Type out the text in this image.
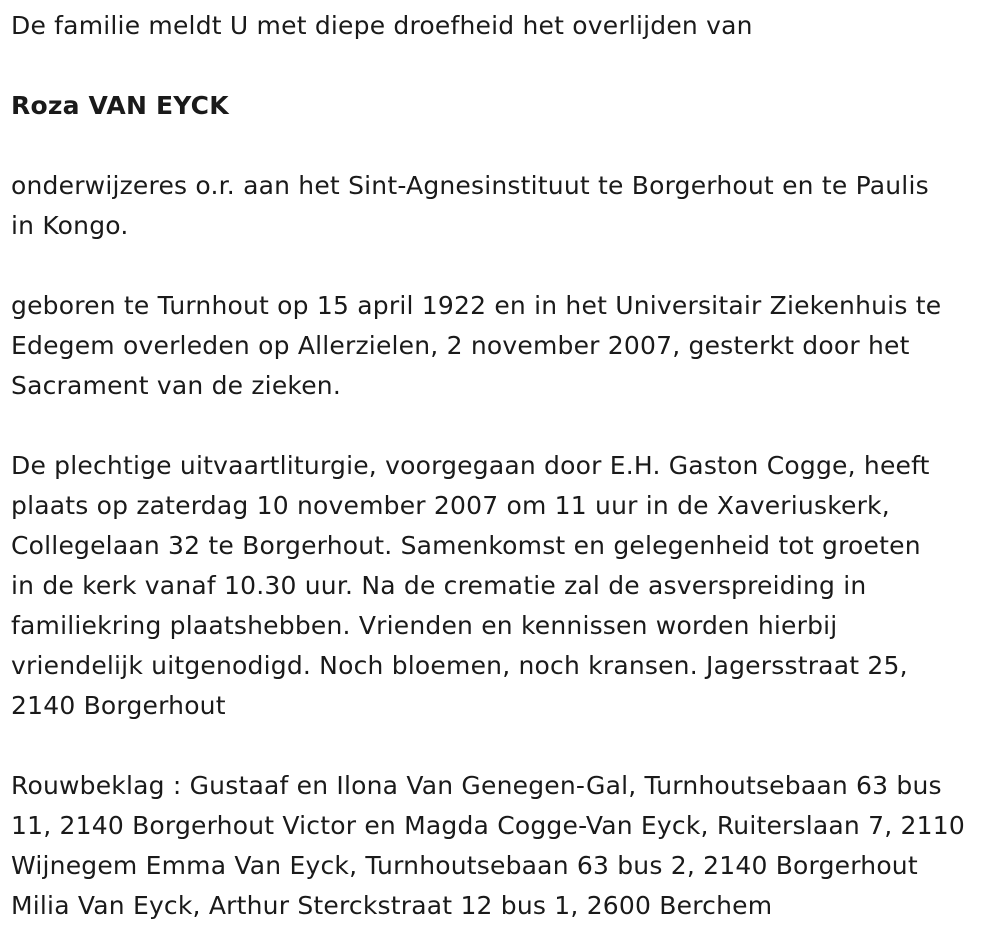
De familie meldt U met diepe droefheid het overlijden van

Roza VAN EYCK

onderwijzeres o.r. aan het Sint-Agnesinstituut te Borgerhout en te Paulis
in Kongo.

geboren te Turnhout op 15 april 1922 en in het Universitair Ziekenhuis te
Edegem overleden op Allerzielen, 2 november 2007, gesterkt door het
Sacrament van de zieken.

De plechtige uitvaartliturgie, voorgegaan door E.H. Gaston Cogge, heeft
plaats op zaterdag 10 november 2007 om 11 uur in de Xaveriuskerk,
Collegelaan 32 te Borgerhout. Samenkomst en gelegenheid tot groeten
in de kerk vanaf 10.30 uur. Na de crematie zal de asverspreiding in
familiekring plaatshebben. Vrienden en kennissen worden hierbij
vriendelijk uitgenodigd. Noch bloemen, noch kransen. Jagersstraat 25,
2140 Borgerhout

Rouwbeklag : Gustaaf en Ilona Van Genegen-Gal, Turnhoutsebaan 63 bus
11, 2140 Borgerhout Victor en Magda Cogge-Van Eyck, Ruiterslaan 7, 2110
Wijnegem Emma Van Eyck, Turnhoutsebaan 63 bus 2, 2140 Borgerhout
Milia Van Eyck, Arthur Sterckstraat 12 bus 1, 2600 Berchem
